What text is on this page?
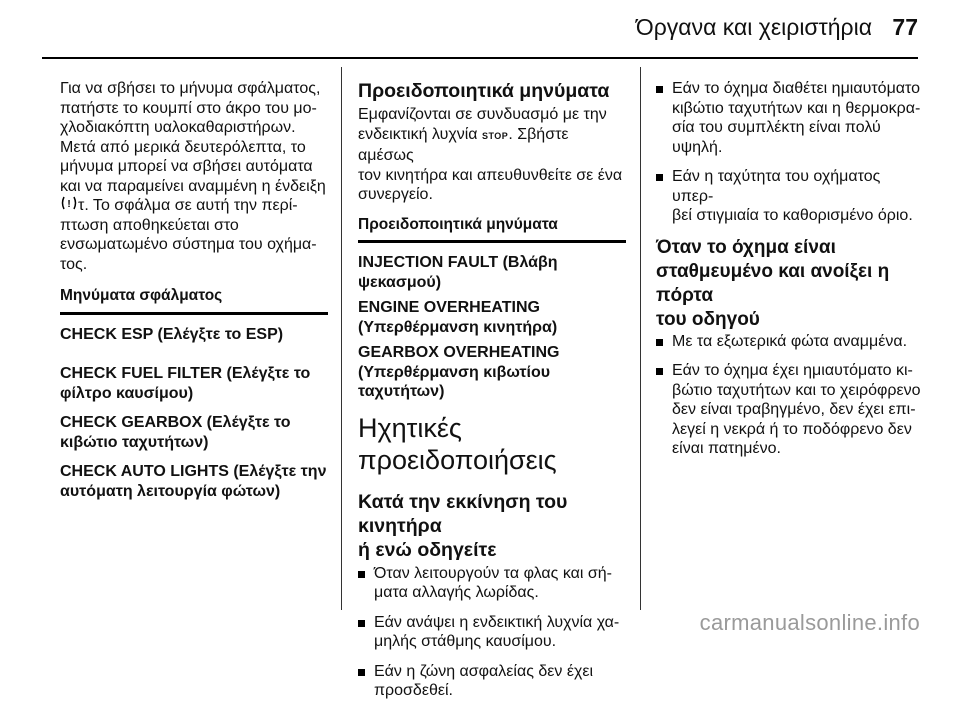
Όργανα και χειριστήρια 77

Για να σβήσει το μήνυμα σφάλματος,
πατήστε το κουμπί στο άκρο του μο-
χλοδιακόπτη υαλοκαθαριστήρων.
Μετά από μερικά δευτερόλεπτα, το
μήνυμα μπορεί να σβήσει αυτόματα
και να παραμείνει αναμμένη η ένδειξη

! τ. Το σφάλμα σε αυτή την περί-
πτωση αποθηκεύεται στο
ενσωματωμένο σύστημα του οχήμα-
τος.

Μηνύματα σφάλματος
CHECK ESP (Ελέγξτε το ESP)
CHECK FUEL FILTER (Ελέγξτε το
φίλτρο καυσίμου)
CHECK GEARBOX (Ελέγξτε το
κιβώτιο ταχυτήτων)
CHECK AUTO LIGHTS (Ελέγξτε την
αυτόματη λειτουργία φώτων)
Προειδοποιητικά μηνύματα

Εμφανίζονται σε συνδυασμό με την
ενδεικτική λυχνία STOP. Σβήστε αμέσως
τον κινητήρα και απευθυνθείτε σε ένα
συνεργείο.

Προειδοποιητικά μηνύματα
INJECTION FAULT (Βλάβη
ψεκασμού)
ENGINE OVERHEATING
(Υπερθέρμανση κινητήρα)
GEARBOX OVERHEATING
(Υπερθέρμανση κιβωτίου
ταχυτήτων)
Ηχητικές προειδοποιήσεις
Κατά την εκκίνηση του κινητήρα
ή ενώ οδηγείτε
Όταν λειτουργούν τα φλας και σή-
ματα αλλαγής λωρίδας.
Εάν ανάψει η ενδεικτική λυχνία χα-
μηλής στάθμης καυσίμου.
Εάν η ζώνη ασφαλείας δεν έχει
προσδεθεί.
Εάν το όχημα διαθέτει ημιαυτόματο
κιβώτιο ταχυτήτων και η θερμοκρα-
σία του συμπλέκτη είναι πολύ
υψηλή.
Εάν η ταχύτητα του οχήματος υπερ-
βεί στιγμιαία το καθορισμένο όριο.
Όταν το όχημα είναι
σταθμευμένο και ανοίξει η πόρτα
του οδηγού
Με τα εξωτερικά φώτα αναμμένα.
Εάν το όχημα έχει ημιαυτόματο κι-
βώτιο ταχυτήτων και το χειρόφρενο
δεν είναι τραβηγμένο, δεν έχει επι-
λεγεί η νεκρά ή το ποδόφρενο δεν
είναι πατημένο.
carmanualsonline.info
